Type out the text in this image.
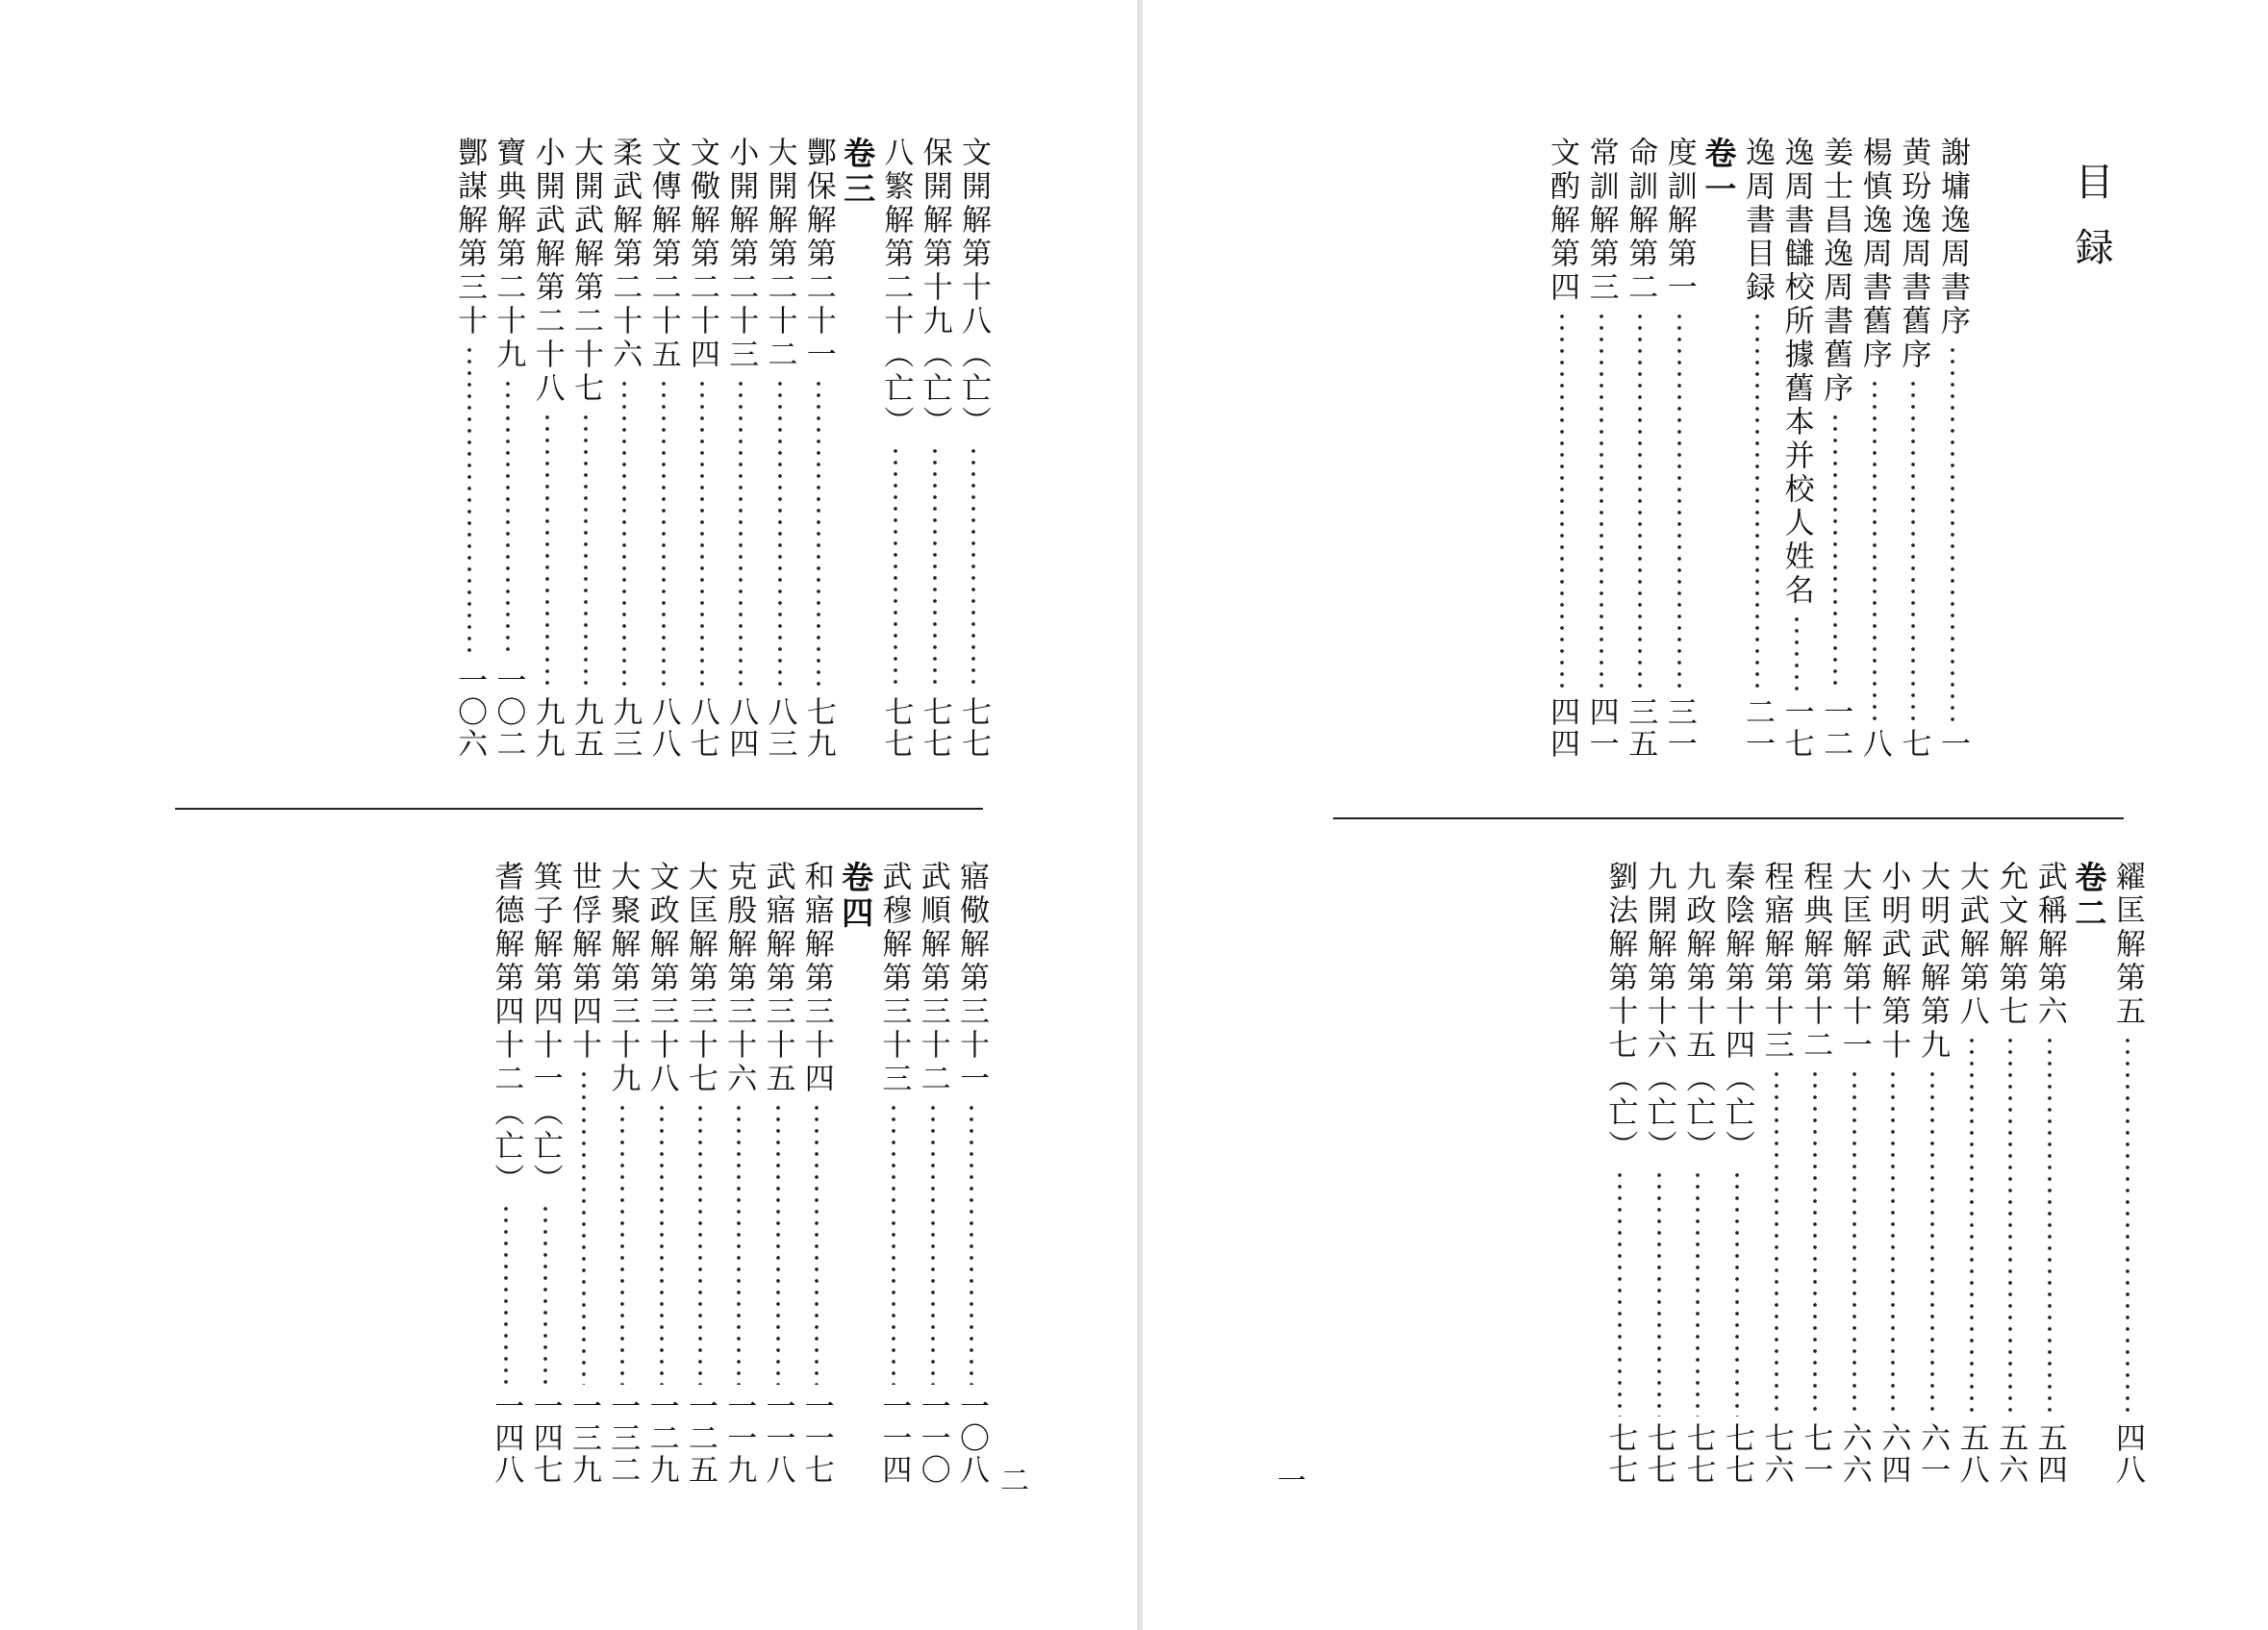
文開解第十八（亡）
七七
保開解第十九（亡）
七七
八繁解第二十（亡）
七七
卷三
酆保解第二十一
七九
大開解第二十二
八三
小開解第二十三
八四
文儆解第二十四
八七
文傳解第二十五
八八
柔武解第二十六
九三
大開武解第二十七
九五
小開武解第二十八
九九
寶典解第二十九
一〇二
酆謀解第三十
一〇六
寤儆解第三十一
一〇八
武順解第三十二
一一〇
武穆解第三十三
一一四
卷四
和寤解第三十四
一一七
武寤解第三十五
一一八
克殷解第三十六
一一九
大匡解第三十七
一二五
文政解第三十八
一二九
大聚解第三十九
一三二
世俘解第四十
一三九
箕子解第四十一（亡）
一四七
耆德解第四十二（亡）
一四八	二
目録
謝墉逸周書序
一
黄玢逸周書舊序
七
楊慎逸周書舊序
八
姜士昌逸周書舊序
一二
逸周書讎校所據舊本并校人姓名
一七
逸周書目録
二一
卷一
度訓解第一
三一
命訓解第二
三五
常訓解第三
四一
文酌解第四
四四
糴匡解第五
四八
卷二
武稱解第六
五四
允文解第七
五六
大武解第八
五八
大明武解第九
六一
小明武解第十
六四
大匡解第十一
六六
程典解第十二
七一
程寤解第十三
七六
秦陰解第十四（亡）
七七
九政解第十五（亡）
七七
九開解第十六（亡）
七七
劉法解第十七（亡）
七七
一
